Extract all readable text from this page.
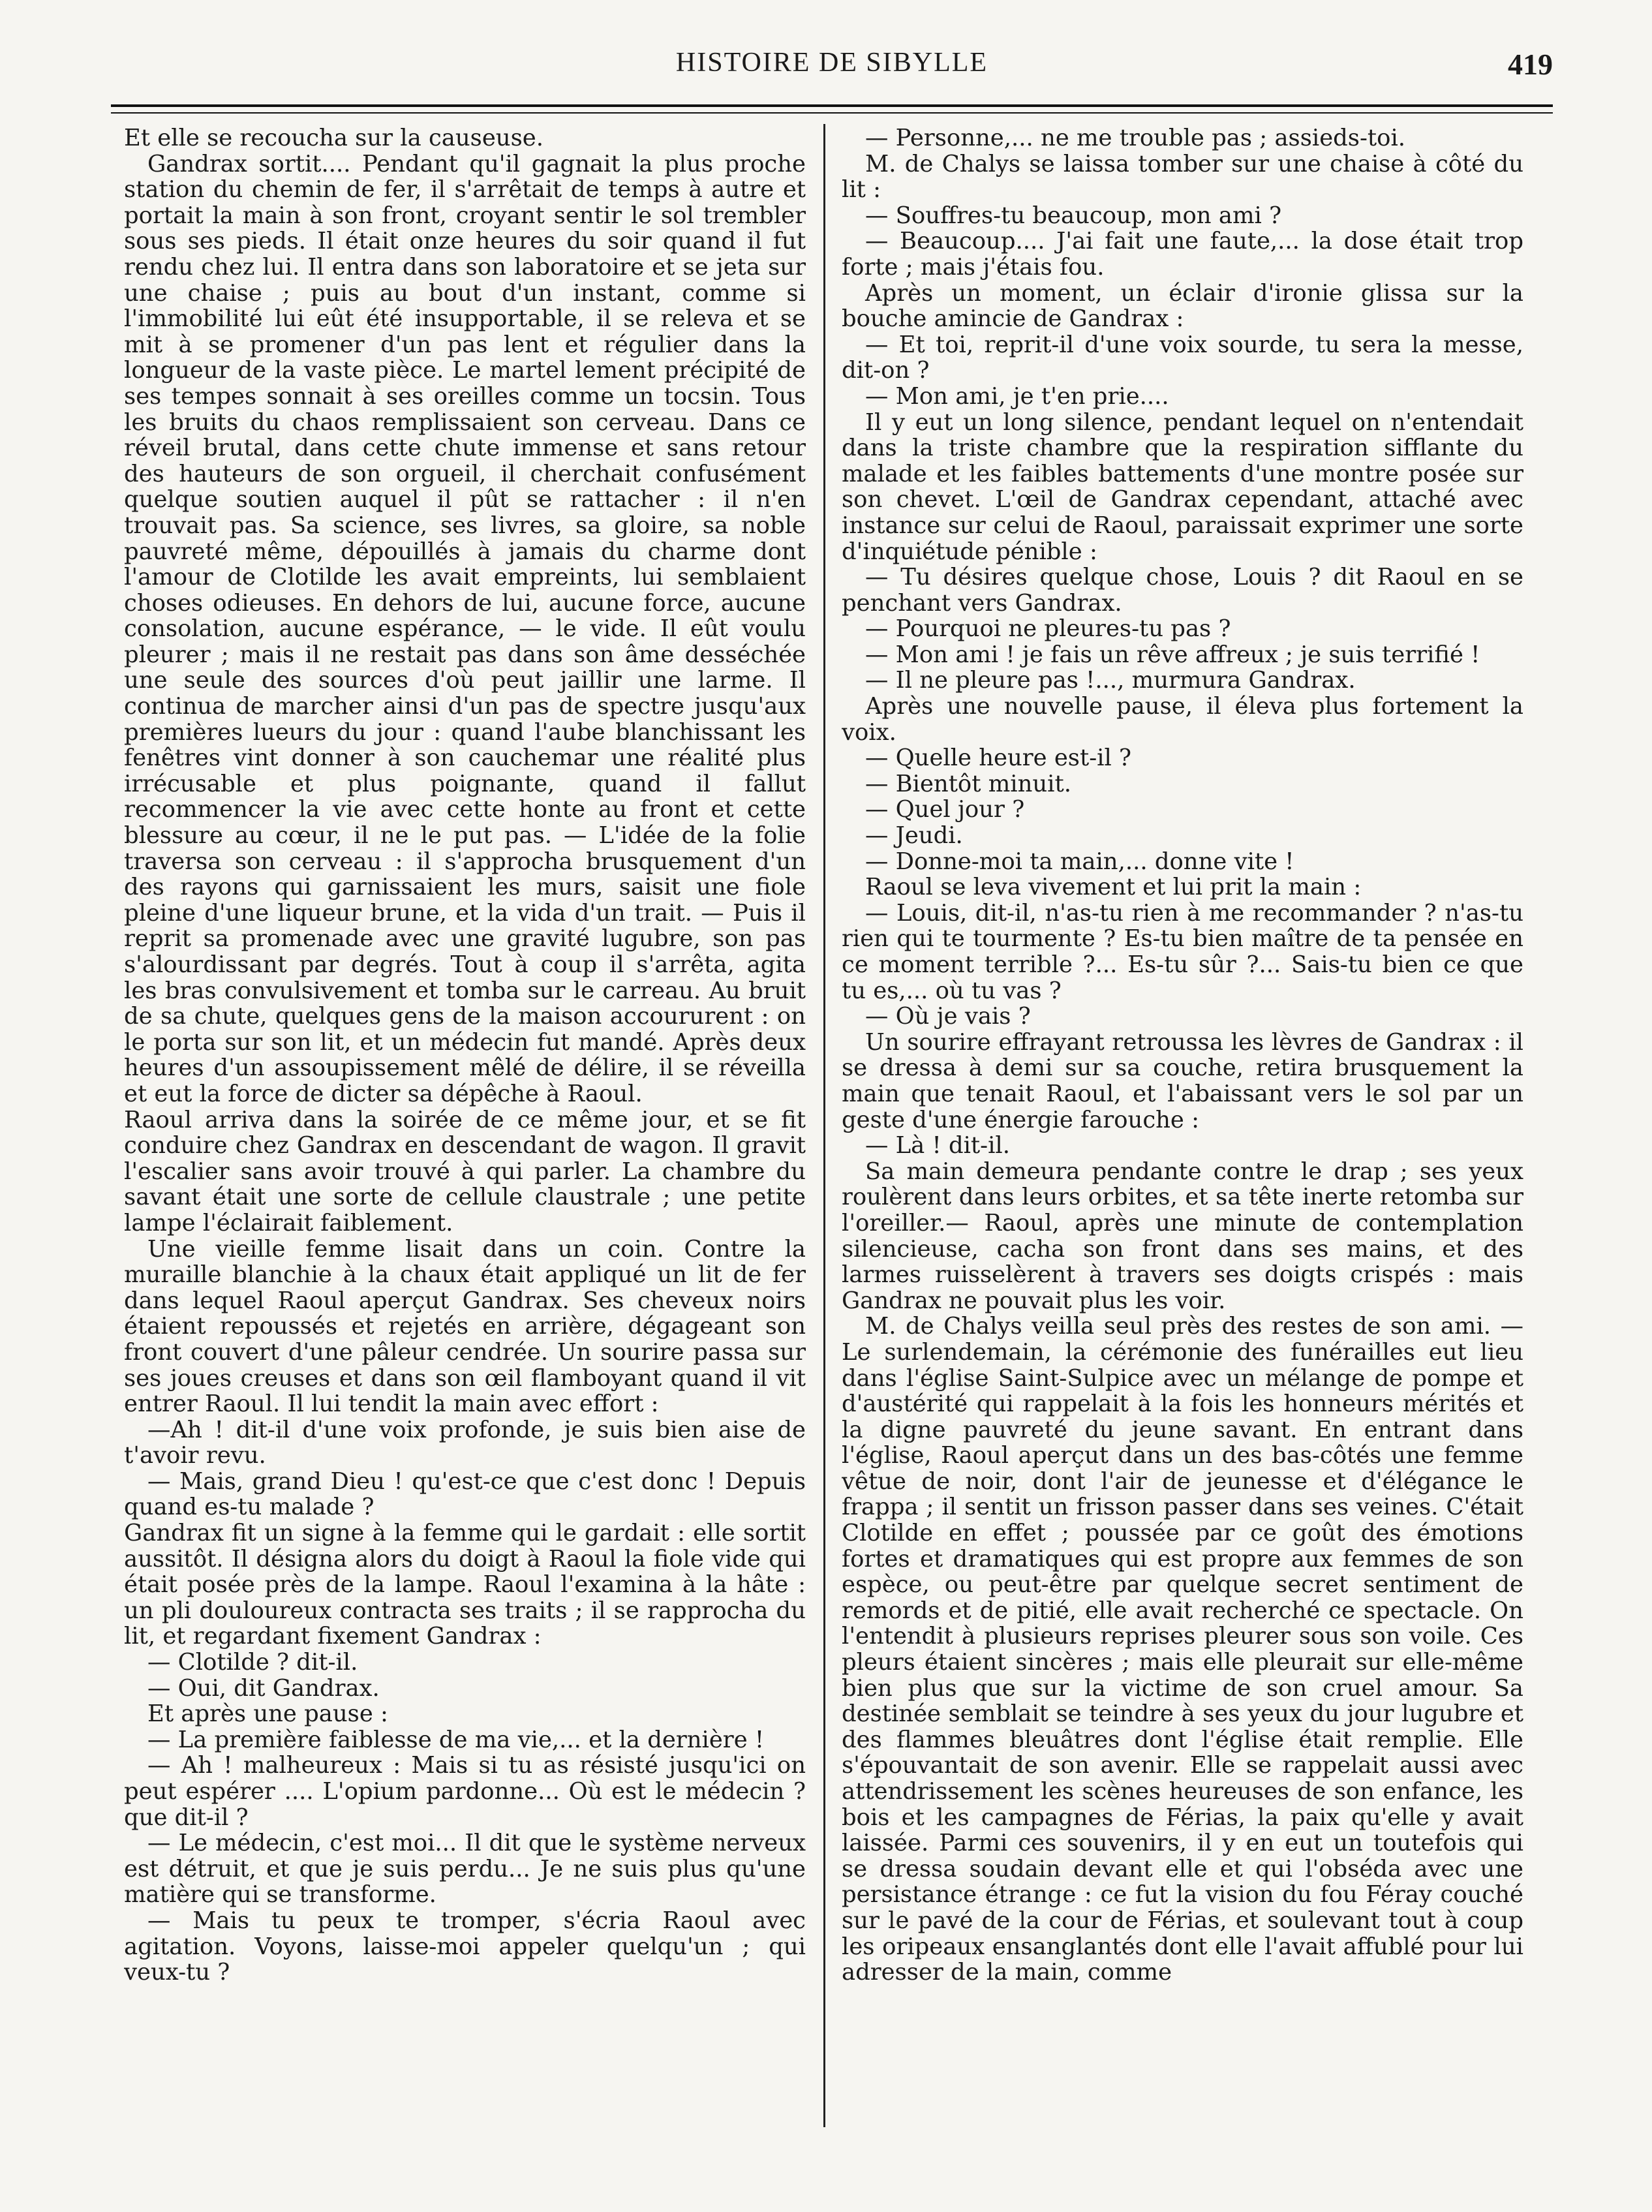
HISTOIRE DE SIBYLLE	419

Et elle se recoucha sur la causeuse.

Gandrax sortit.... Pendant qu'il gagnait la plus proche station du chemin de fer, il s'arrêtait de temps à autre et portait la main à son front, croyant sentir le sol trembler sous ses pieds. Il était onze heures du soir quand il fut rendu chez lui. Il entra dans son laboratoire et se jeta sur une chaise ; puis au bout d'un instant, comme si l'immobilité lui eût été insupportable, il se releva et se mit à se promener d'un pas lent et régulier dans la longueur de la vaste pièce. Le martel lement précipité de ses tempes sonnait à ses oreilles comme un tocsin. Tous les bruits du chaos remplissaient son cerveau. Dans ce réveil brutal, dans cette chute immense et sans retour des hauteurs de son orgueil, il cherchait confusément quelque soutien auquel il pût se rattacher : il n'en trouvait pas. Sa science, ses livres, sa gloire, sa noble pauvreté même, dépouillés à jamais du charme dont l'amour de Clotilde les avait empreints, lui semblaient choses odieuses. En dehors de lui, aucune force, aucune consolation, aucune espérance, — le vide. Il eût voulu pleurer ; mais il ne restait pas dans son âme desséchée une seule des sources d'où peut jaillir une larme. Il continua de marcher ainsi d'un pas de spectre jusqu'aux premières lueurs du jour : quand l'aube blanchissant les fenêtres vint donner à son cauchemar une réalité plus irrécusable et plus poignante, quand il fallut recommencer la vie avec cette honte au front et cette blessure au cœur, il ne le put pas. — L'idée de la folie traversa son cerveau : il s'approcha brusquement d'un des rayons qui garnissaient les murs, saisit une fiole pleine d'une liqueur brune, et la vida d'un trait. — Puis il reprit sa promenade avec une gravité lugubre, son pas s'alourdissant par degrés. Tout à coup il s'arrêta, agita les bras convulsivement et tomba sur le carreau. Au bruit de sa chute, quelques gens de la maison accoururent : on le porta sur son lit, et un médecin fut mandé. Après deux heures d'un assoupissement mêlé de délire, il se réveilla et eut la force de dicter sa dépêche à Raoul.

Raoul arriva dans la soirée de ce même jour, et se fit conduire chez Gandrax en descendant de wagon. Il gravit l'escalier sans avoir trouvé à qui parler. La chambre du savant était une sorte de cellule claustrale ; une petite lampe l'éclairait faiblement.

Une vieille femme lisait dans un coin. Contre la muraille blanchie à la chaux était appliqué un lit de fer dans lequel Raoul aperçut Gandrax. Ses cheveux noirs étaient repoussés et rejetés en arrière, dégageant son front couvert d'une pâleur cendrée. Un sourire passa sur ses joues creuses et dans son œil flamboyant quand il vit entrer Raoul. Il lui tendit la main avec effort :

—Ah ! dit-il d'une voix profonde, je suis bien aise de t'avoir revu.

— Mais, grand Dieu ! qu'est-ce que c'est donc ! Depuis quand es-tu malade ?

Gandrax fit un signe à la femme qui le gardait : elle sortit aussitôt. Il désigna alors du doigt à Raoul la fiole vide qui était posée près de la lampe. Raoul l'examina à la hâte : un pli douloureux contracta ses traits ; il se rapprocha du lit, et regardant fixement Gandrax :

— Clotilde ? dit-il.

— Oui, dit Gandrax.

Et après une pause :

— La première faiblesse de ma vie,... et la dernière !

— Ah ! malheureux : Mais si tu as résisté jusqu'ici on peut espérer .... L'opium pardonne... Où est le médecin ? que dit-il ?

— Le médecin, c'est moi... Il dit que le système nerveux est détruit, et que je suis perdu... Je ne suis plus qu'une matière qui se transforme.

— Mais tu peux te tromper, s'écria Raoul avec agitation. Voyons, laisse-moi appeler quelqu'un ; qui veux-tu ?

— Personne,... ne me trouble pas ; assieds-toi.

M. de Chalys se laissa tomber sur une chaise à côté du lit :

— Souffres-tu beaucoup, mon ami ?

— Beaucoup.... J'ai fait une faute,... la dose était trop forte ; mais j'étais fou.

Après un moment, un éclair d'ironie glissa sur la bouche amincie de Gandrax :

— Et toi, reprit-il d'une voix sourde, tu sera la messe, dit-on ?

— Mon ami, je t'en prie....

Il y eut un long silence, pendant lequel on n'entendait dans la triste chambre que la respiration sifflante du malade et les faibles battements d'une montre posée sur son chevet. L'œil de Gandrax cependant, attaché avec instance sur celui de Raoul, paraissait exprimer une sorte d'inquiétude pénible :

— Tu désires quelque chose, Louis ? dit Raoul en se penchant vers Gandrax.

— Pourquoi ne pleures-tu pas ?

— Mon ami ! je fais un rêve affreux ; je suis terrifié !

— Il ne pleure pas !..., murmura Gandrax.

Après une nouvelle pause, il éleva plus fortement la voix.

— Quelle heure est-il ?

— Bientôt minuit.

— Quel jour ?

— Jeudi.

— Donne-moi ta main,... donne vite !

Raoul se leva vivement et lui prit la main :

— Louis, dit-il, n'as-tu rien à me recommander ? n'as-tu rien qui te tourmente ? Es-tu bien maître de ta pensée en ce moment terrible ?... Es-tu sûr ?... Sais-tu bien ce que tu es,... où tu vas ?

— Où je vais ?

Un sourire effrayant retroussa les lèvres de Gandrax : il se dressa à demi sur sa couche, retira brusquement la main que tenait Raoul, et l'abaissant vers le sol par un geste d'une énergie farouche :

— Là ! dit-il.

Sa main demeura pendante contre le drap ; ses yeux roulèrent dans leurs orbites, et sa tête inerte retomba sur l'oreiller.— Raoul, après une minute de contemplation silencieuse, cacha son front dans ses mains, et des larmes ruisselèrent à travers ses doigts crispés : mais Gandrax ne pouvait plus les voir.

M. de Chalys veilla seul près des restes de son ami. — Le surlendemain, la cérémonie des funérailles eut lieu dans l'église Saint-Sulpice avec un mélange de pompe et d'austérité qui rappelait à la fois les honneurs mérités et la digne pauvreté du jeune savant. En entrant dans l'église, Raoul aperçut dans un des bas-côtés une femme vêtue de noir, dont l'air de jeunesse et d'élégance le frappa ; il sentit un frisson passer dans ses veines. C'était Clotilde en effet ; poussée par ce goût des émotions fortes et dramatiques qui est propre aux femmes de son espèce, ou peut-être par quelque secret sentiment de remords et de pitié, elle avait recherché ce spectacle. On l'entendit à plusieurs reprises pleurer sous son voile. Ces pleurs étaient sincères ; mais elle pleurait sur elle-même bien plus que sur la victime de son cruel amour. Sa destinée semblait se teindre à ses yeux du jour lugubre et des flammes bleuâtres dont l'église était remplie. Elle s'épouvantait de son avenir. Elle se rappelait aussi avec attendrissement les scènes heureuses de son enfance, les bois et les campagnes de Férias, la paix qu'elle y avait laissée. Parmi ces souvenirs, il y en eut un toutefois qui se dressa soudain devant elle et qui l'obséda avec une persistance étrange : ce fut la vision du fou Féray couché sur le pavé de la cour de Férias, et soulevant tout à coup les oripeaux ensanglantés dont elle l'avait affublé pour lui adresser de la main, comme
